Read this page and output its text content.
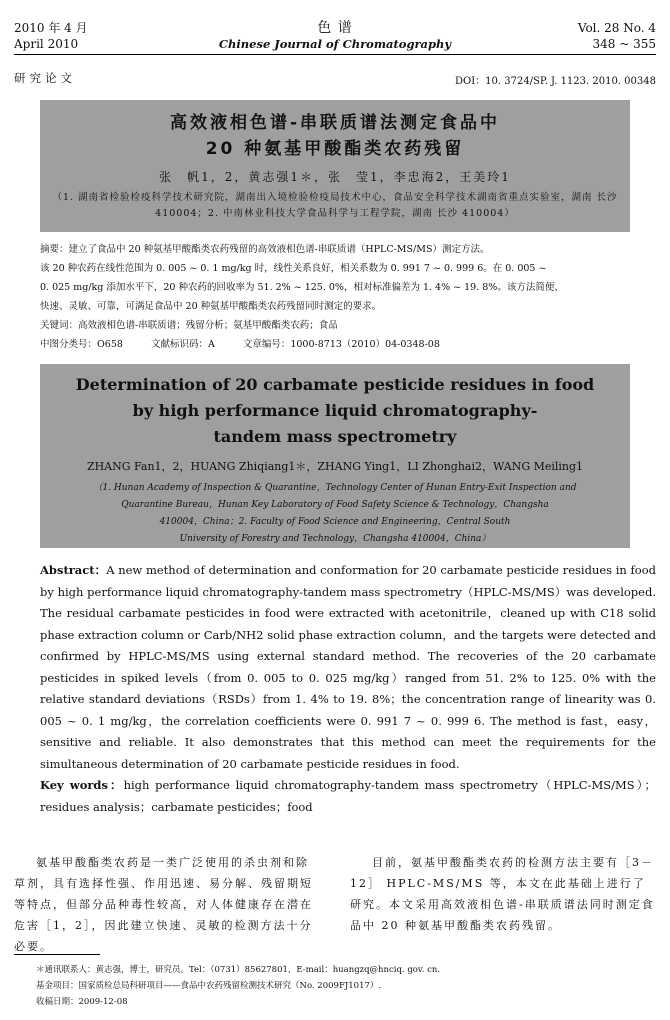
2010 年 4 月
April 2010
色 谱
Chinese Journal of Chromatography
Vol. 28 No. 4
348 ~ 355
研究论文	DOI：10. 3724/SP. J. 1123. 2010. 00348
高效液相色谱-串联质谱法测定食品中
20 种氨基甲酸酯类农药残留
张　帆1，2，黄志强1＊，张　莹1，李忠海2，王美玲1
（1. 湖南省检验检疫科学技术研究院，湖南出入境检验检疫局技术中心，食品安全科学技术湖南省重点实验室，湖南 长沙 410004；2. 中南林业科技大学食品科学与工程学院，湖南 长沙 410004）

摘要：建立了食品中 20 种氨基甲酸酯类农药残留的高效液相色谱-串联质谱（HPLC-MS/MS）测定方法。

该 20 种农药在线性范围为 0. 005 ~ 0. 1 mg/kg 时，线性关系良好，相关系数为 0. 991 7 ~ 0. 999 6。在 0. 005 ~

0. 025 mg/kg 添加水平下，20 种农药的回收率为 51. 2% ~ 125. 0%，相对标准偏差为 1. 4% ~ 19. 8%。该方法简便、

快速、灵敏、可靠，可满足食品中 20 种氨基甲酸酯类农药残留同时测定的要求。

关键词：高效液相色谱-串联质谱；残留分析；氨基甲酸酯类农药；食品

中图分类号：O658	文献标识码：A	文章编号：1000-8713（2010）04-0348-08
Determination of 20 carbamate pesticide residues in food
by high performance liquid chromatography-
tandem mass spectrometry
ZHANG Fan1，2，HUANG Zhiqiang1＊，ZHANG Ying1，LI Zhonghai2，WANG Meiling1
（1. Hunan Academy of Inspection & Quarantine，Technology Center of Hunan Entry-Exit Inspection and
Quarantine Bureau，Hunan Key Laboratory of Food Safety Science & Technology，Changsha
410004，China；2. Faculty of Food Science and Engineering，Central South
University of Forestry and Technology，Changsha 410004，China）

Abstract：A new method of determination and conformation for 20 carbamate pesticide residues in food by high performance liquid chromatography-tandem mass spectrometry（HPLC-MS/MS）was developed. The residual carbamate pesticides in food were extracted with acetonitrile，cleaned up with C18 solid phase extraction column or Carb/NH2 solid phase extraction column，and the targets were detected and confirmed by HPLC-MS/MS using external standard method. The recoveries of the 20 carbamate pesticides in spiked levels（from 0. 005 to 0. 025 mg/kg）ranged from 51. 2% to 125. 0% with the relative standard deviations（RSDs）from 1. 4% to 19. 8%；the concentration range of linearity was 0. 005 ~ 0. 1 mg/kg，the correlation coefficients were 0. 991 7 ~ 0. 999 6. The method is fast，easy，sensitive and reliable. It also demonstrates that this method can meet the requirements for the simultaneous determination of 20 carbamate pesticide residues in food.

Key words：high performance liquid chromatography-tandem mass spectrometry（HPLC-MS/MS）；residues analysis；carbamate pesticides；food

氨基甲酸酯类农药是一类广泛使用的杀虫剂和除草剂，具有选择性强、作用迅速、易分解、残留期短等特点，但部分品种毒性较高，对人体健康存在潜在危害［1，2］，因此建立快速、灵敏的检测方法十分必要。

目前，氨基甲酸酯类农药的检测方法主要有［3－12］ HPLC-MS/MS 等，本文在此基础上进行了研究。本文采用高效液相色谱-串联质谱法同时测定食品中 20 种氨基甲酸酯类农药残留。

＊通讯联系人：黄志强，博士，研究员。Tel：（0731）85627801，E-mail：huangzq@hnciq. gov. cn.
基金项目：国家质检总局科研项目——食品中农药残留检测技术研究（No. 2009FJ1017）.
收稿日期：2009-12-08
